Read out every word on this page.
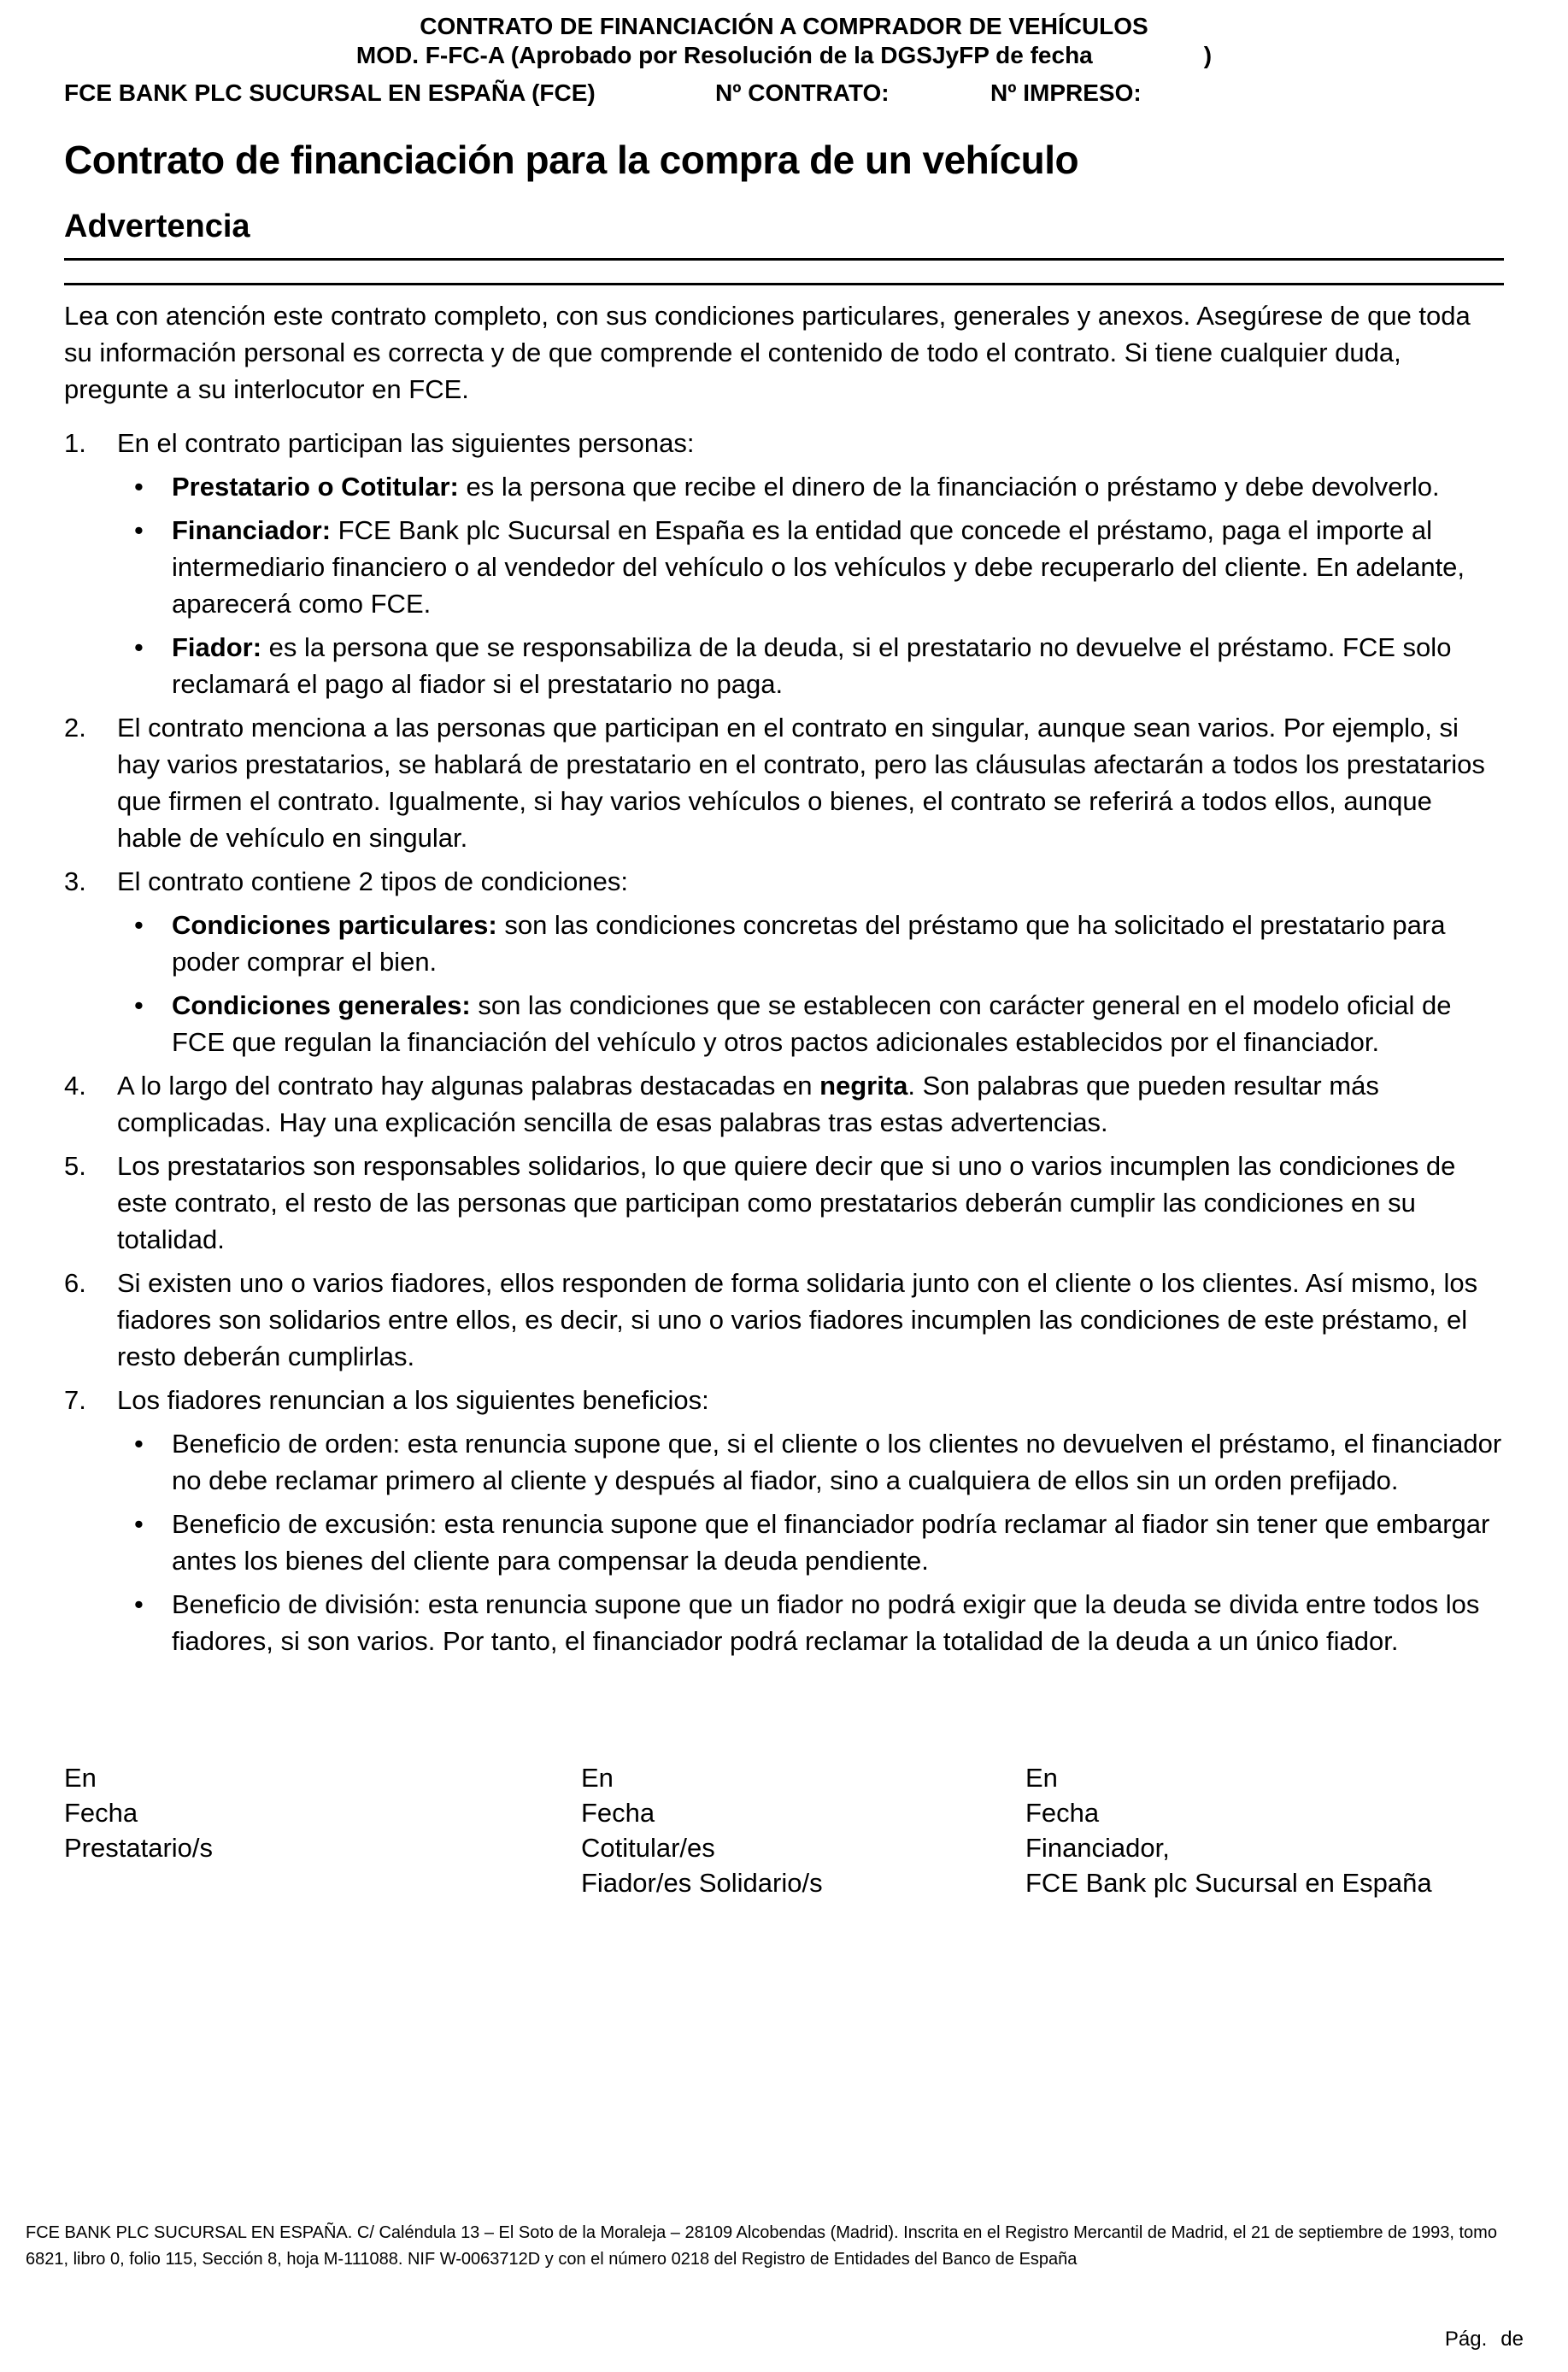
CONTRATO DE FINANCIACIÓN A COMPRADOR DE VEHÍCULOS
MOD. F-FC-A (Aprobado por Resolución de la DGSJyFP de fecha	)
FCE BANK PLC SUCURSAL EN ESPAÑA (FCE)	Nº CONTRATO:	Nº IMPRESO:
Contrato de financiación para la compra de un vehículo
Advertencia

Lea con atención este contrato completo, con sus condiciones particulares, generales y anexos. Asegúrese de que toda su información personal es correcta y de que comprende el contenido de todo el contrato. Si tiene cualquier duda, pregunte a su interlocutor en FCE.

1.	En el contrato participan las siguientes personas:
• Prestatario o Cotitular: es la persona que recibe el dinero de la financiación o préstamo y debe devolverlo.
• Financiador: FCE Bank plc Sucursal en España es la entidad que concede el préstamo, paga el importe al intermediario financiero o al vendedor del vehículo o los vehículos y debe recuperarlo del cliente. En adelante, aparecerá como FCE.
• Fiador: es la persona que se responsabiliza de la deuda, si el prestatario no devuelve el préstamo. FCE solo reclamará el pago al fiador si el prestatario no paga.
2.	El contrato menciona a las personas que participan en el contrato en singular, aunque sean varios. Por ejemplo, si hay varios prestatarios, se hablará de prestatario en el contrato, pero las cláusulas afectarán a todos los prestatarios que firmen el contrato. Igualmente, si hay varios vehículos o bienes, el contrato se referirá a todos ellos, aunque hable de vehículo en singular.
3.	El contrato contiene 2 tipos de condiciones:
• Condiciones particulares: son las condiciones concretas del préstamo que ha solicitado el prestatario para poder comprar el bien.
• Condiciones generales: son las condiciones que se establecen con carácter general en el modelo oficial de FCE que regulan la financiación del vehículo y otros pactos adicionales establecidos por el financiador.
4.	A lo largo del contrato hay algunas palabras destacadas en negrita. Son palabras que pueden resultar más complicadas. Hay una explicación sencilla de esas palabras tras estas advertencias.
5.	Los prestatarios son responsables solidarios, lo que quiere decir que si uno o varios incumplen las condiciones de este contrato, el resto de las personas que participan como prestatarios deberán cumplir las condiciones en su totalidad.
6.	Si existen uno o varios fiadores, ellos responden de forma solidaria junto con el cliente o los clientes. Así mismo, los fiadores son solidarios entre ellos, es decir, si uno o varios fiadores incumplen las condiciones de este préstamo, el resto deberán cumplirlas.
7.	Los fiadores renuncian a los siguientes beneficios:
• Beneficio de orden: esta renuncia supone que, si el cliente o los clientes no devuelven el préstamo, el financiador no debe reclamar primero al cliente y después al fiador, sino a cualquiera de ellos sin un orden prefijado.
• Beneficio de excusión: esta renuncia supone que el financiador podría reclamar al fiador sin tener que embargar antes los bienes del cliente para compensar la deuda pendiente.
• Beneficio de división: esta renuncia supone que un fiador no podrá exigir que la deuda se divida entre todos los fiadores, si son varios. Por tanto, el financiador podrá reclamar la totalidad de la deuda a un único fiador.
En
Fecha
Prestatario/s
En
Fecha
Cotitular/es
Fiador/es Solidario/s
En
Fecha
Financiador,
FCE Bank plc Sucursal en España
FCE BANK PLC SUCURSAL EN ESPAÑA. C/ Caléndula 13 – El Soto de la Moraleja – 28109 Alcobendas (Madrid). Inscrita en el Registro Mercantil de Madrid, el 21 de septiembre de 1993, tomo 6821, libro 0, folio 115, Sección 8, hoja M-111088. NIF W-0063712D y con el número 0218 del Registro de Entidades del Banco de España
Pág. de
